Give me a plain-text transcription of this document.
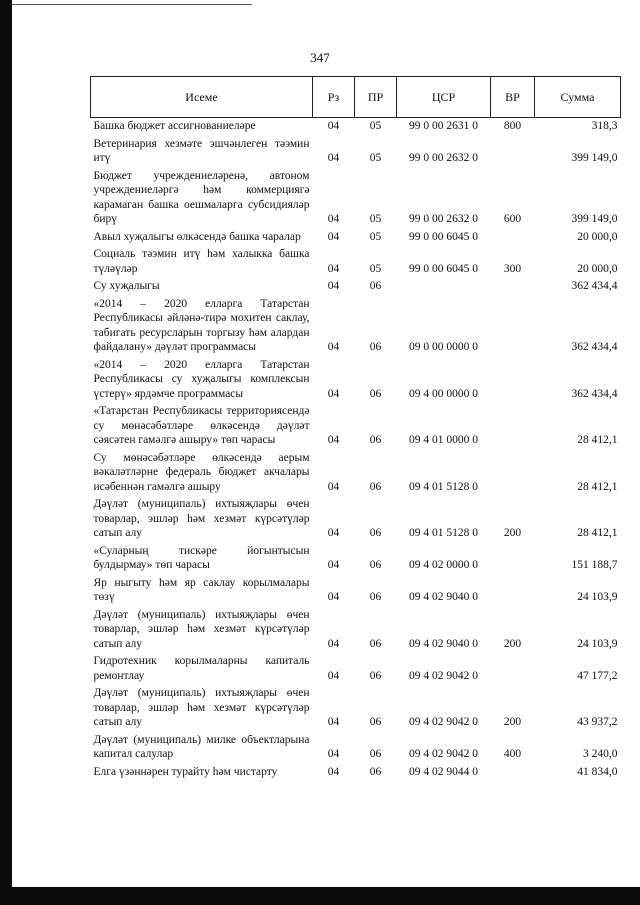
347
Исеме	Рз	ПР	ЦСР	ВР	Сумма
Башка бюджет ассигнованиеләре	04	05	99 0 00 2631 0	800	318,3
Ветеринария хезмәте эшчәнлеген тәэмин итү	04	05	99 0 00 2632 0		399 149,0
Бюджет учреждениеләренә, автоном учреждениеләргә һәм коммерциягә карамаган башка оешмаларга субсидияләр бирү	04	05	99 0 00 2632 0	600	399 149,0
Авыл хуҗалыгы өлкәсендә башка чаралар	04	05	99 0 00 6045 0		20 000,0
Социаль тәэмин итү һәм халыкка башка түләүләр	04	05	99 0 00 6045 0	300	20 000,0
Су хуҗалыгы	04	06			362 434,4
«2014 – 2020 елларга Татарстан Республикасы әйләнә-тирә мохитен саклау, табигать ресурсларын торгызу һәм алардан файдалану» дәүләт программасы	04	06	09 0 00 0000 0		362 434,4
«2014 – 2020 елларга Татарстан Республикасы су хуҗалыгы комплексын үстерү» ярдәмче программасы	04	06	09 4 00 0000 0		362 434,4
«Татарстан Республикасы территориясендә су мөнәсәбәтләре өлкәсендә дәүләт сәясәтен гамәлгә ашыру» төп чарасы	04	06	09 4 01 0000 0		28 412,1
Су мөнәсәбәтләре өлкәсендә аерым вәкаләтләрне федераль бюджет акчалары исәбеннән гамәлгә ашыру	04	06	09 4 01 5128 0		28 412,1
Дәүләт (муниципаль) ихтыяҗлары өчен товарлар, эшләр һәм хезмәт күрсәтүләр сатып алу	04	06	09 4 01 5128 0	200	28 412,1
«Суларның тискәре йогынтысын булдырмау» төп чарасы	04	06	09 4 02 0000 0		151 188,7
Яр ныгыту һәм яр саклау корылмалары төзү	04	06	09 4 02 9040 0		24 103,9
Дәүләт (муниципаль) ихтыяҗлары өчен товарлар, эшләр һәм хезмәт күрсәтүләр сатып алу	04	06	09 4 02 9040 0	200	24 103,9
Гидротехник корылмаларны капиталь ремонтлау	04	06	09 4 02 9042 0		47 177,2
Дәүләт (муниципаль) ихтыяҗлары өчен товарлар, эшләр һәм хезмәт күрсәтүләр сатып алу	04	06	09 4 02 9042 0	200	43 937,2
Дәүләт (муниципаль) милке объектларына капитал салулар	04	06	09 4 02 9042 0	400	3 240,0
Елга үзәннәрен турайту һәм чистарту	04	06	09 4 02 9044 0		41 834,0
